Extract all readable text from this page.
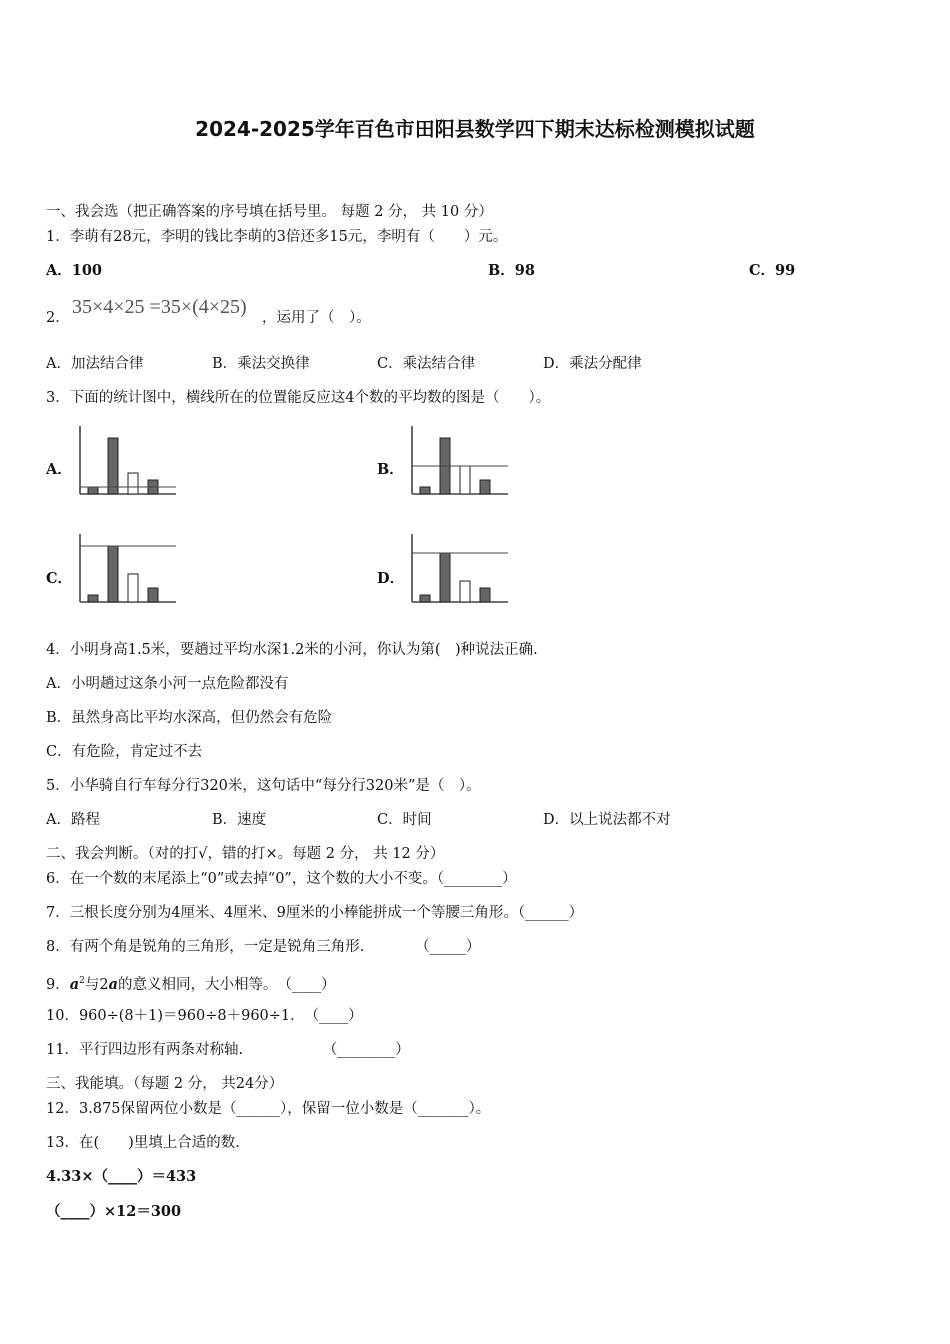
2024-2025学年百色市田阳县数学四下期末达标检测模拟试题
一、我会选（把正确答案的序号填在括号里。 每题 2 分， 共 10 分）
1．李萌有28元，李明的钱比李萌的3倍还多15元，李明有（　　）元。
A．100	B．98	C．99
2． 35×4×25 =35×(4×25) ，运用了（　）。
A．加法结合律	B．乘法交换律	C．乘法结合律	D．乘法分配律
3．下面的统计图中，横线所在的位置能反应这4个数的平均数的图是（　　）。
A．	B．
C．	D．
4．小明身高1.5米，要趟过平均水深1.2米的小河，你认为第(　)种说法正确.
A．小明趟过这条小河一点危险都没有
B．虽然身高比平均水深高，但仍然会有危险
C．有危险，肯定过不去
5．小华骑自行车每分行320米，这句话中“每分行320米”是（　）。
A．路程	B．速度	C．时间	D．以上说法都不对
二、我会判断。（对的打√，错的打×。每题 2 分， 共 12 分）
6．在一个数的末尾添上“0”或去掉“0”，这个数的大小不变。（________）
7．三根长度分别为4厘米、4厘米、9厘米的小棒能拼成一个等腰三角形。（______）
8．有两个角是锐角的三角形，一定是锐角三角形.　　　　（_____）
9．$a^2$与2a的意义相同，大小相等。　（____）
10．960÷(8＋1)＝960÷8＋960÷1．　（____）
11．平行四边形有两条对称轴.　　　　　　（________）
三、我能填。（每题 2 分， 共24分）
12．3.875保留两位小数是（______），保留一位小数是（_______）。
13．在(　　)里填上合适的数.
4.33×（____）＝433
（____）×12＝300
